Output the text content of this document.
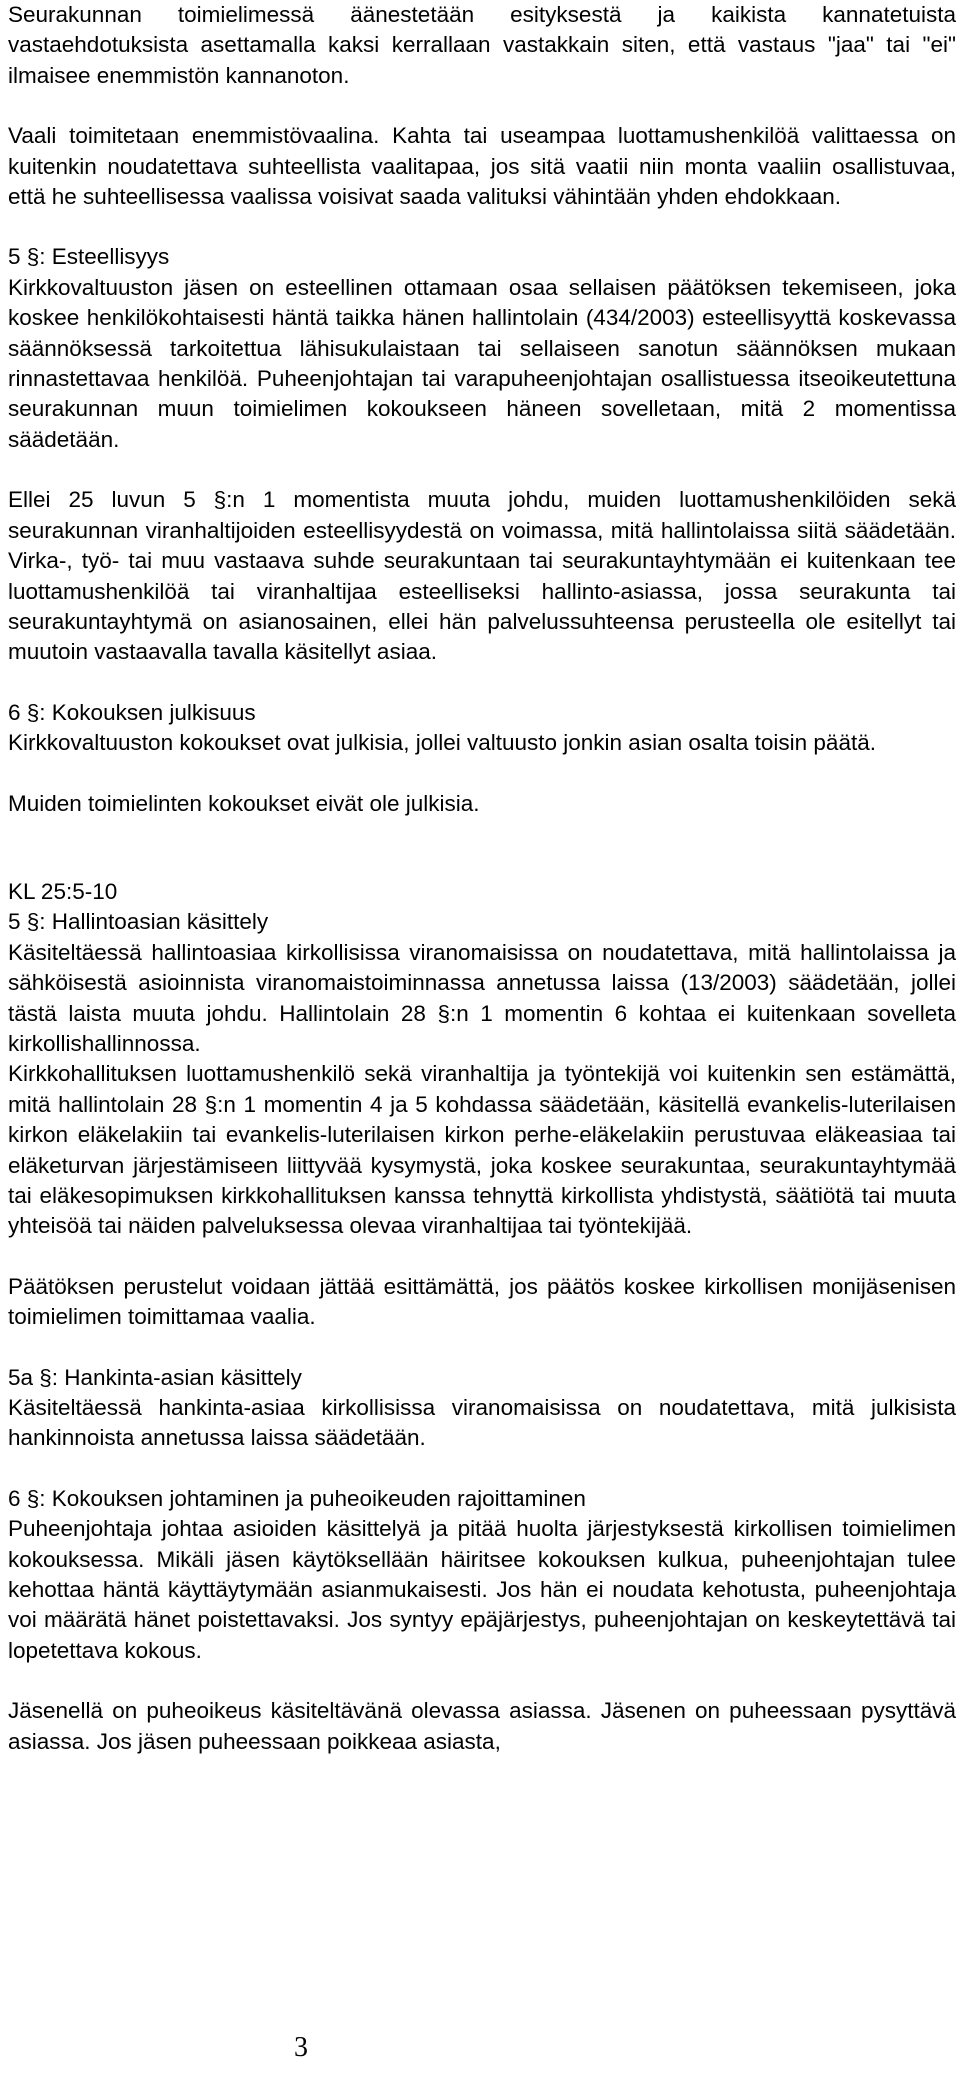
Seurakunnan toimielimessä äänestetään esityksestä ja kaikista kannatetuista vastaehdotuksista asettamalla kaksi kerrallaan vastakkain siten, että vastaus "jaa" tai "ei" ilmaisee enemmistön kannanoton.

Vaali toimitetaan enemmistövaalina. Kahta tai useampaa luottamushenkilöä valittaessa on kuitenkin noudatettava suhteellista vaalitapaa, jos sitä vaatii niin monta vaaliin osallistuvaa, että he suhteellisessa vaalissa voisivat saada valituksi vähintään yhden ehdokkaan.

5 §: Esteellisyys

Kirkkovaltuuston jäsen on esteellinen ottamaan osaa sellaisen päätöksen tekemiseen, joka koskee henkilökohtaisesti häntä taikka hänen hallintolain (434/2003) esteellisyyttä koskevassa säännöksessä tarkoitettua lähisukulaistaan tai sellaiseen sanotun säännöksen mukaan rinnastettavaa henkilöä. Puheenjohtajan tai varapuheenjohtajan osallistuessa itseoikeutettuna seurakunnan muun toimielimen kokoukseen häneen sovelletaan, mitä 2 momentissa säädetään.

Ellei 25 luvun 5 §:n 1 momentista muuta johdu, muiden luottamushenkilöiden sekä seurakunnan viranhaltijoiden esteellisyydestä on voimassa, mitä hallintolaissa siitä säädetään. Virka-, työ- tai muu vastaava suhde seurakuntaan tai seurakuntayhtymään ei kuitenkaan tee luottamushenkilöä tai viranhaltijaa esteelliseksi hallinto-asiassa, jossa seurakunta tai seurakuntayhtymä on asianosainen, ellei hän palvelussuhteensa perusteella ole esitellyt tai muutoin vastaavalla tavalla käsitellyt asiaa.

6 §: Kokouksen julkisuus

Kirkkovaltuuston kokoukset ovat julkisia, jollei valtuusto jonkin asian osalta toisin päätä.

Muiden toimielinten kokoukset eivät ole julkisia.

KL 25:5-10

5 §: Hallintoasian käsittely

Käsiteltäessä hallintoasiaa kirkollisissa viranomaisissa on noudatettava, mitä hallintolaissa ja sähköisestä asioinnista viranomaistoiminnassa annetussa laissa (13/2003) säädetään, jollei tästä laista muuta johdu. Hallintolain 28 §:n 1 momentin 6 kohtaa ei kuitenkaan sovelleta kirkollishallinnossa.

Kirkkohallituksen luottamushenkilö sekä viranhaltija ja työntekijä voi kuitenkin sen estämättä, mitä hallintolain 28 §:n 1 momentin 4 ja 5 kohdassa säädetään, käsitellä evankelis-luterilaisen kirkon eläkelakiin tai evankelis-luterilaisen kirkon perhe-eläkelakiin perustuvaa eläkeasiaa tai eläketurvan järjestämiseen liittyvää kysymystä, joka koskee seurakuntaa, seurakuntayhtymää tai eläkesopimuksen kirkkohallituksen kanssa tehnyttä kirkollista yhdistystä, säätiötä tai muuta yhteisöä tai näiden palveluksessa olevaa viranhaltijaa tai työntekijää.

Päätöksen perustelut voidaan jättää esittämättä, jos päätös koskee kirkollisen monijäsenisen toimielimen toimittamaa vaalia.

5a §: Hankinta-asian käsittely

Käsiteltäessä hankinta-asiaa kirkollisissa viranomaisissa on noudatettava, mitä julkisista hankinnoista annetussa laissa säädetään.

6 §: Kokouksen johtaminen ja puheoikeuden rajoittaminen

Puheenjohtaja johtaa asioiden käsittelyä ja pitää huolta järjestyksestä kirkollisen toimielimen kokouksessa. Mikäli jäsen käytöksellään häiritsee kokouksen kulkua, puheenjohtajan tulee kehottaa häntä käyttäytymään asianmukaisesti. Jos hän ei noudata kehotusta, puheenjohtaja voi määrätä hänet poistettavaksi. Jos syntyy epäjärjestys, puheenjohtajan on keskeytettävä tai lopetettava kokous.

Jäsenellä on puheoikeus käsiteltävänä olevassa asiassa. Jäsenen on puheessaan pysyttävä asiassa. Jos jäsen puheessaan poikkeaa asiasta,

3
